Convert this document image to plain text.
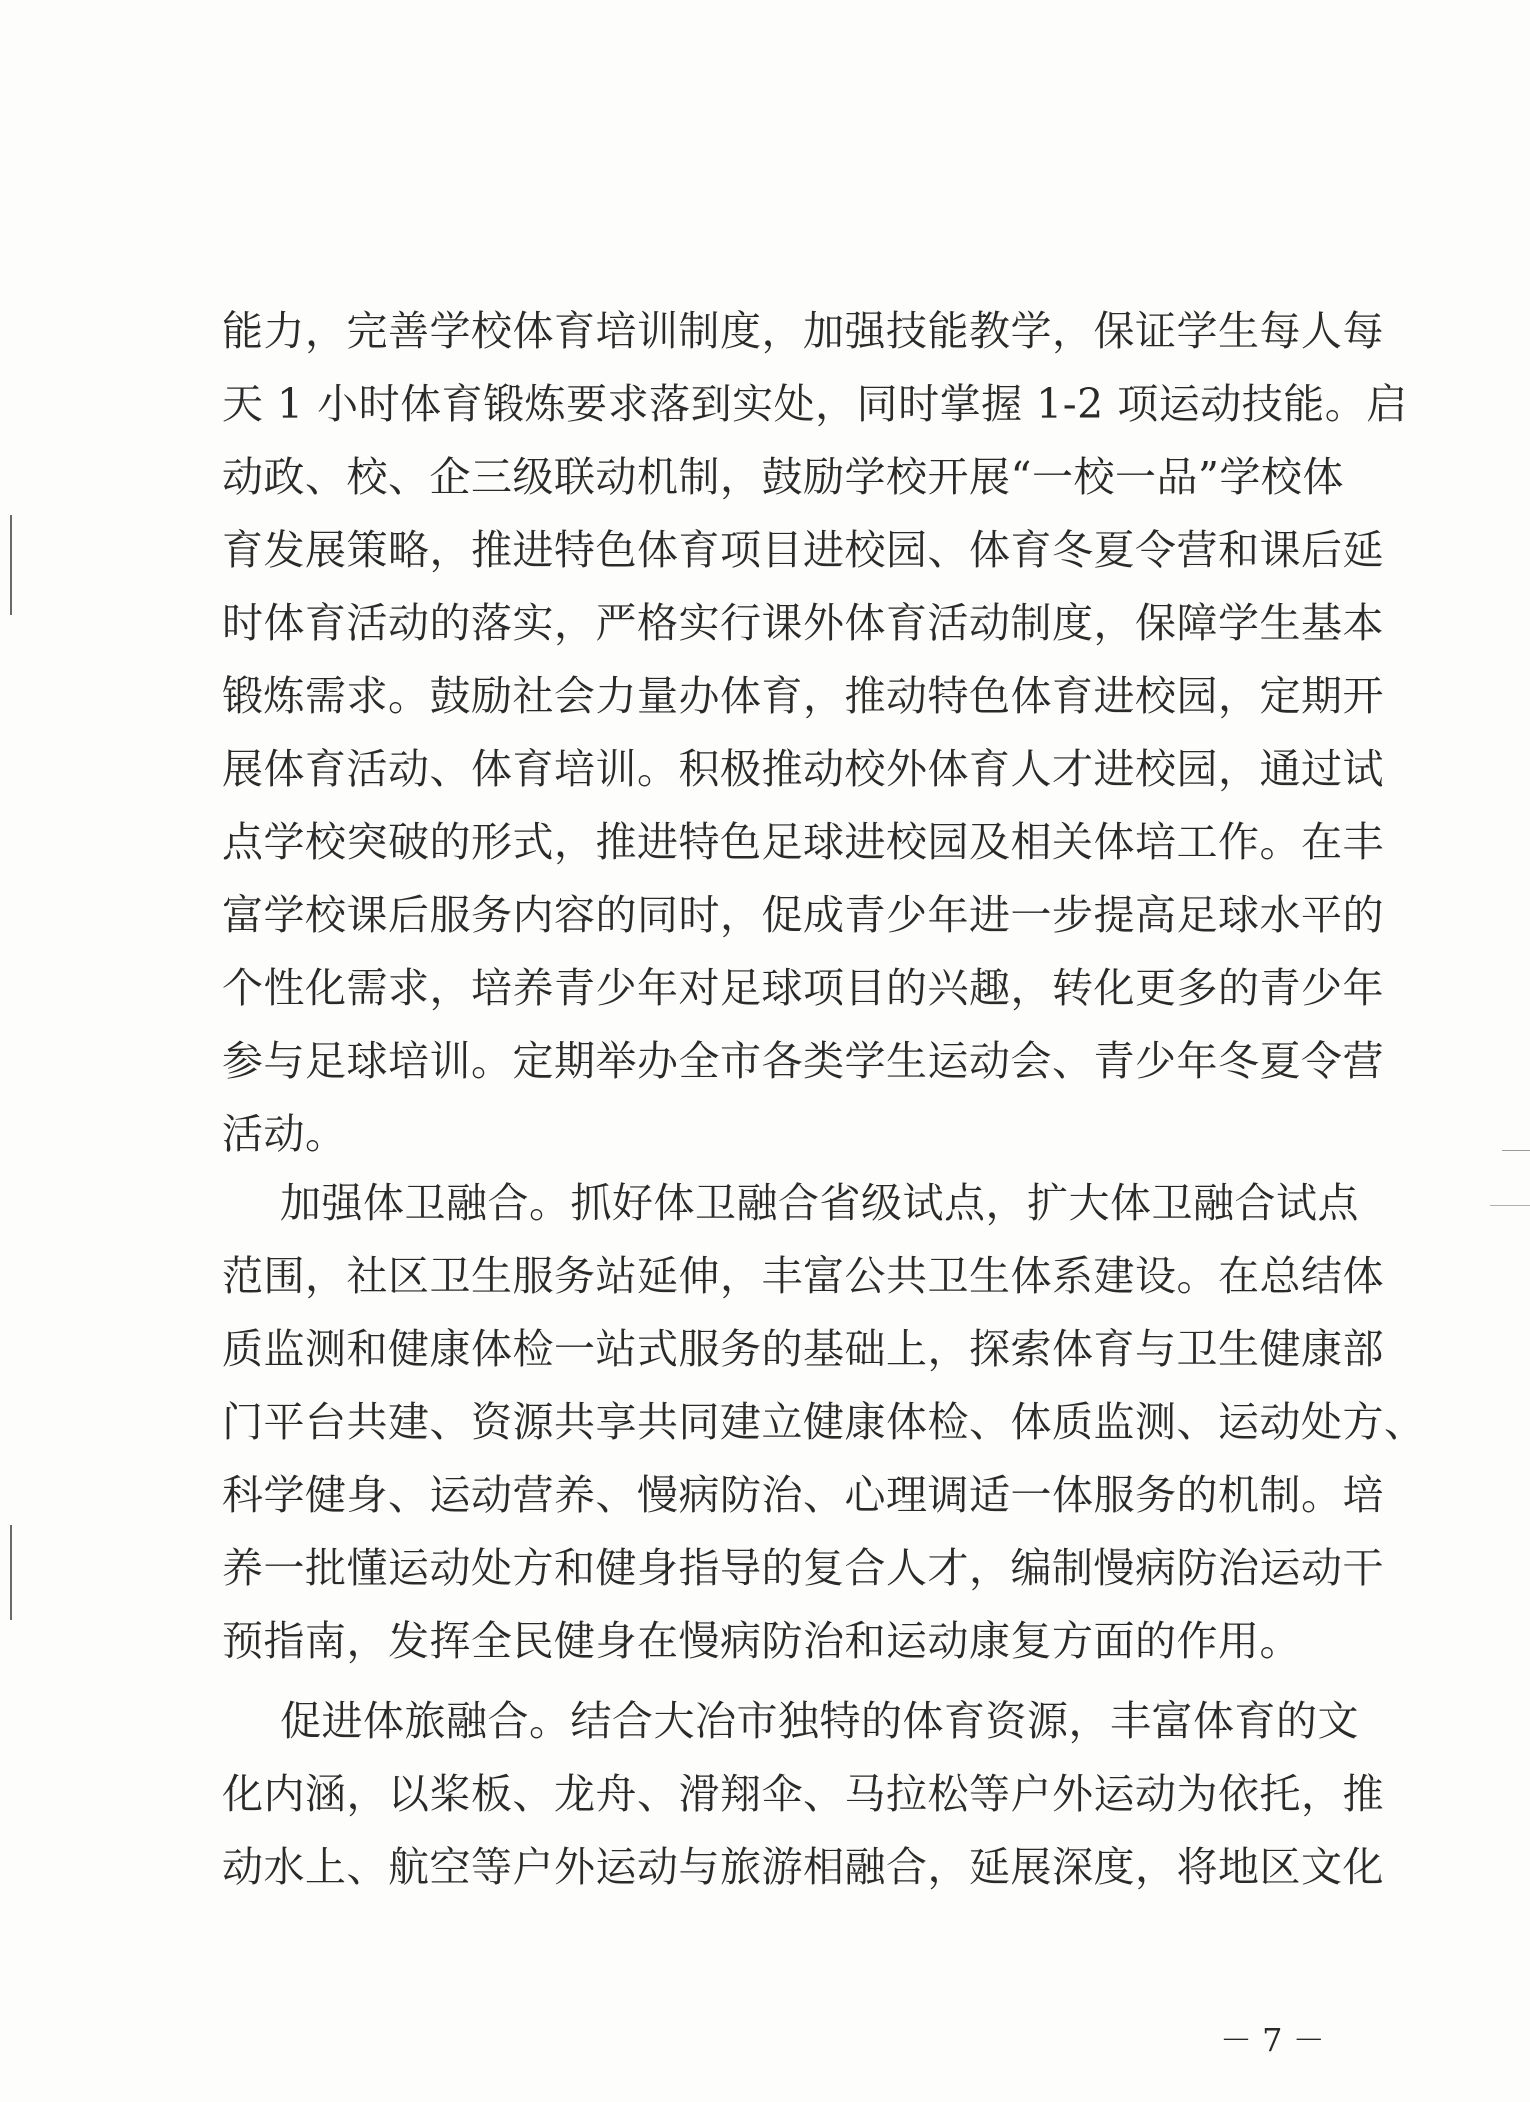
能力，完善学校体育培训制度，加强技能教学，保证学生每人每
天 1 小时体育锻炼要求落到实处，同时掌握 1-2 项运动技能。启
动政、校、企三级联动机制，鼓励学校开展“一校一品”学校体
育发展策略，推进特色体育项目进校园、体育冬夏令营和课后延
时体育活动的落实，严格实行课外体育活动制度，保障学生基本
锻炼需求。鼓励社会力量办体育，推动特色体育进校园，定期开
展体育活动、体育培训。积极推动校外体育人才进校园，通过试
点学校突破的形式，推进特色足球进校园及相关体培工作。在丰
富学校课后服务内容的同时，促成青少年进一步提高足球水平的
个性化需求，培养青少年对足球项目的兴趣，转化更多的青少年
参与足球培训。定期举办全市各类学生运动会、青少年冬夏令营
活动。
加强体卫融合。抓好体卫融合省级试点，扩大体卫融合试点
范围，社区卫生服务站延伸，丰富公共卫生体系建设。在总结体
质监测和健康体检一站式服务的基础上，探索体育与卫生健康部
门平台共建、资源共享共同建立健康体检、体质监测、运动处方、
科学健身、运动营养、慢病防治、心理调适一体服务的机制。培
养一批懂运动处方和健身指导的复合人才，编制慢病防治运动干
预指南，发挥全民健身在慢病防治和运动康复方面的作用。
促进体旅融合。结合大冶市独特的体育资源，丰富体育的文
化内涵，以桨板、龙舟、滑翔伞、马拉松等户外运动为依托，推
动水上、航空等户外运动与旅游相融合，延展深度，将地区文化
－ 7 －
